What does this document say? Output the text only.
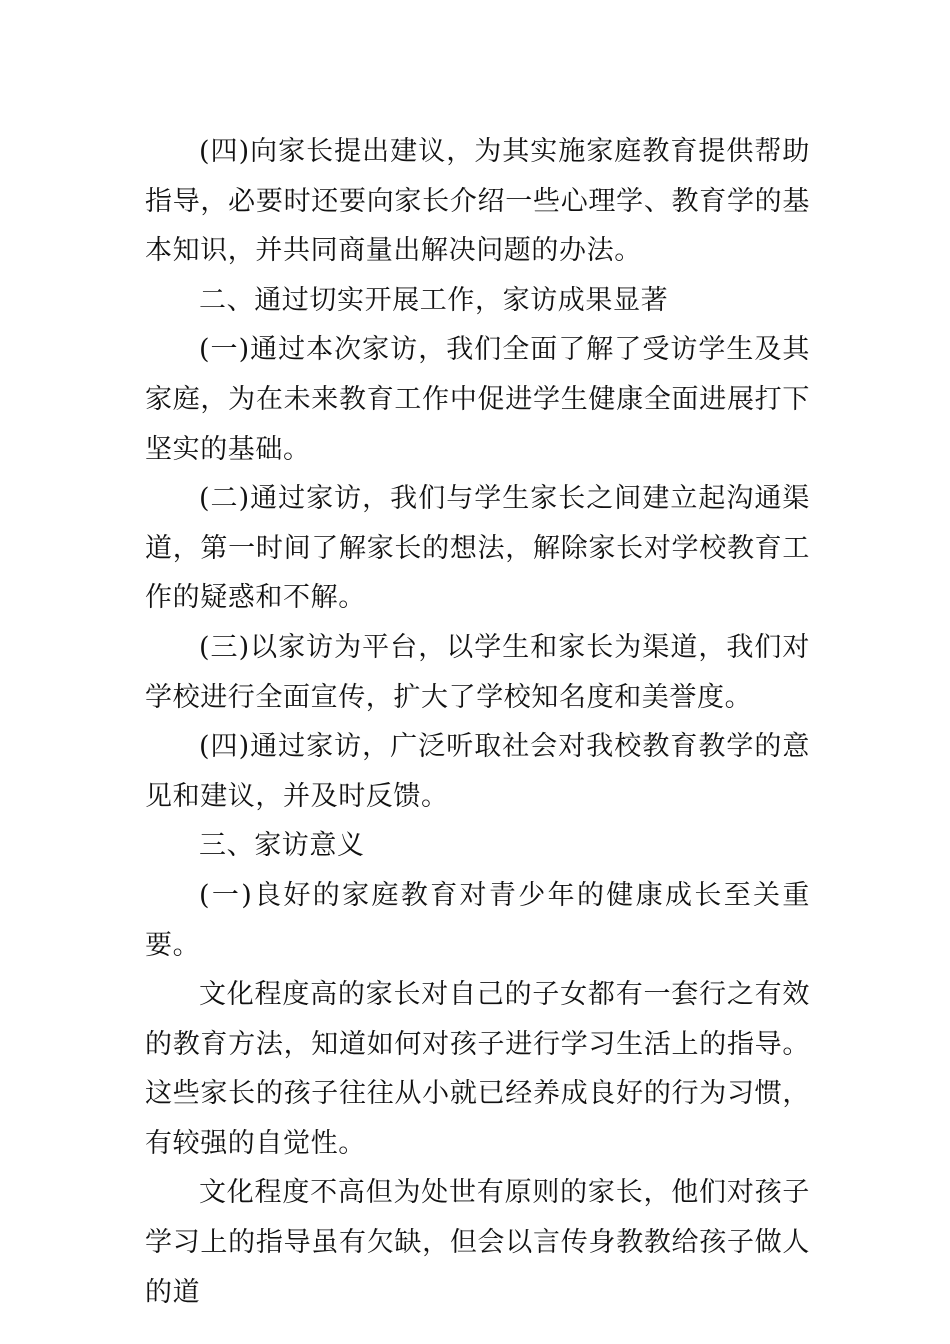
(四)向家长提出建议，为其实施家庭教育提供帮助指导，必要时还要向家长介绍一些心理学、教育学的基本知识，并共同商量出解决问题的办法。

二、通过切实开展工作，家访成果显著

(一)通过本次家访，我们全面了解了受访学生及其家庭，为在未来教育工作中促进学生健康全面进展打下坚实的基础。

(二)通过家访，我们与学生家长之间建立起沟通渠道，第一时间了解家长的想法，解除家长对学校教育工作的疑惑和不解。

(三)以家访为平台，以学生和家长为渠道，我们对学校进行全面宣传，扩大了学校知名度和美誉度。

(四)通过家访，广泛听取社会对我校教育教学的意见和建议，并及时反馈。

三、家访意义

(一)良好的家庭教育对青少年的健康成长至关重要。

文化程度高的家长对自己的子女都有一套行之有效的教育方法，知道如何对孩子进行学习生活上的指导。这些家长的孩子往往从小就已经养成良好的行为习惯，有较强的自觉性。

文化程度不高但为处世有原则的家长，他们对孩子学习上的指导虽有欠缺，但会以言传身教教给孩子做人的道
